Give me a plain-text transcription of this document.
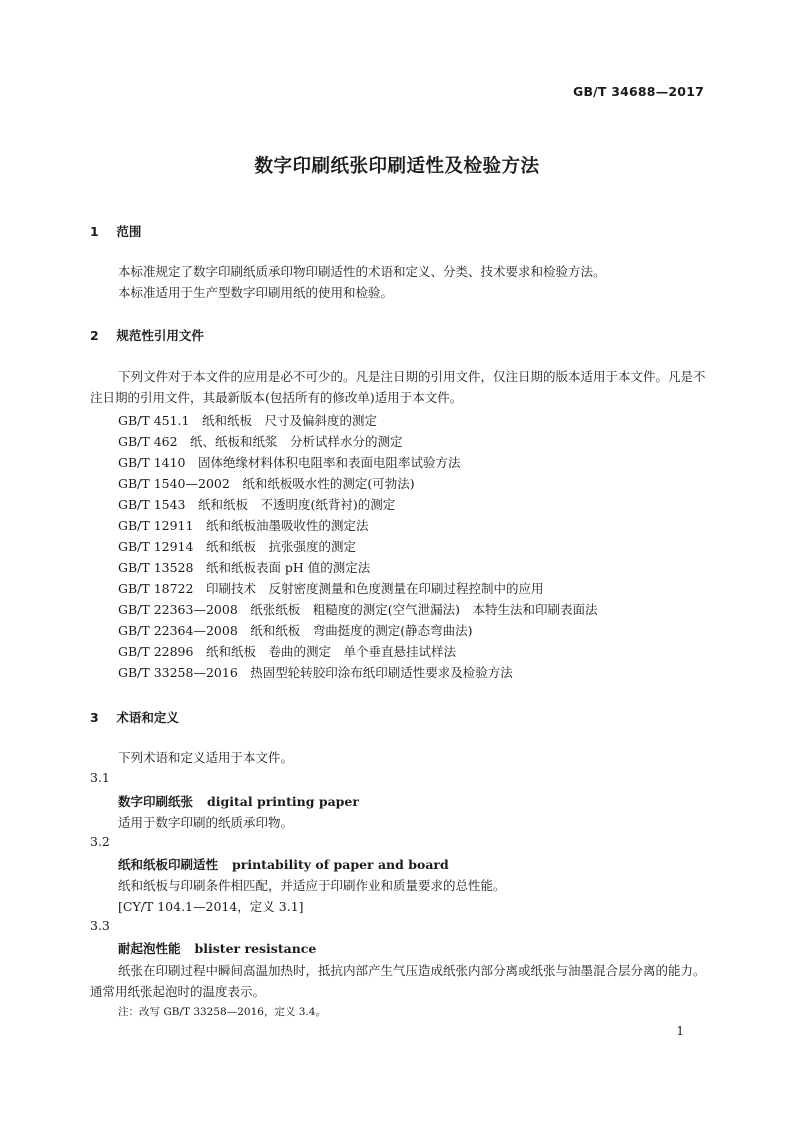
GB/T 34688—2017
数字印刷纸张印刷适性及检验方法
1 范围
本标准规定了数字印刷纸质承印物印刷适性的术语和定义、分类、技术要求和检验方法。
本标准适用于生产型数字印刷用纸的使用和检验。
2 规范性引用文件
下列文件对于本文件的应用是必不可少的。凡是注日期的引用文件，仅注日期的版本适用于本文件。凡是不注日期的引用文件，其最新版本(包括所有的修改单)适用于本文件。
GB/T 451.1　纸和纸板　尺寸及偏斜度的测定
GB/T 462　纸、纸板和纸浆　分析试样水分的测定
GB/T 1410　固体绝缘材料体积电阻率和表面电阻率试验方法
GB/T 1540—2002　纸和纸板吸水性的测定(可勃法)
GB/T 1543　纸和纸板　不透明度(纸背衬)的测定
GB/T 12911　纸和纸板油墨吸收性的测定法
GB/T 12914　纸和纸板　抗张强度的测定
GB/T 13528　纸和纸板表面 pH 值的测定法
GB/T 18722　印刷技术　反射密度测量和色度测量在印刷过程控制中的应用
GB/T 22363—2008　纸张纸板　粗糙度的测定(空气泄漏法)　本特生法和印刷表面法
GB/T 22364—2008　纸和纸板　弯曲挺度的测定(静态弯曲法)
GB/T 22896　纸和纸板　卷曲的测定　单个垂直悬挂试样法
GB/T 33258—2016　热固型轮转胶印涂布纸印刷适性要求及检验方法
3 术语和定义
下列术语和定义适用于本文件。
3.1
数字印刷纸张 digital printing paper
适用于数字印刷的纸质承印物。
3.2
纸和纸板印刷适性 printability of paper and board
纸和纸板与印刷条件相匹配，并适应于印刷作业和质量要求的总性能。
[CY/T 104.1—2014，定义 3.1]
3.3
耐起泡性能 blister resistance
纸张在印刷过程中瞬间高温加热时，抵抗内部产生气压造成纸张内部分离或纸张与油墨混合层分离的能力。通常用纸张起泡时的温度表示。
注：改写 GB/T 33258—2016，定义 3.4。
1
